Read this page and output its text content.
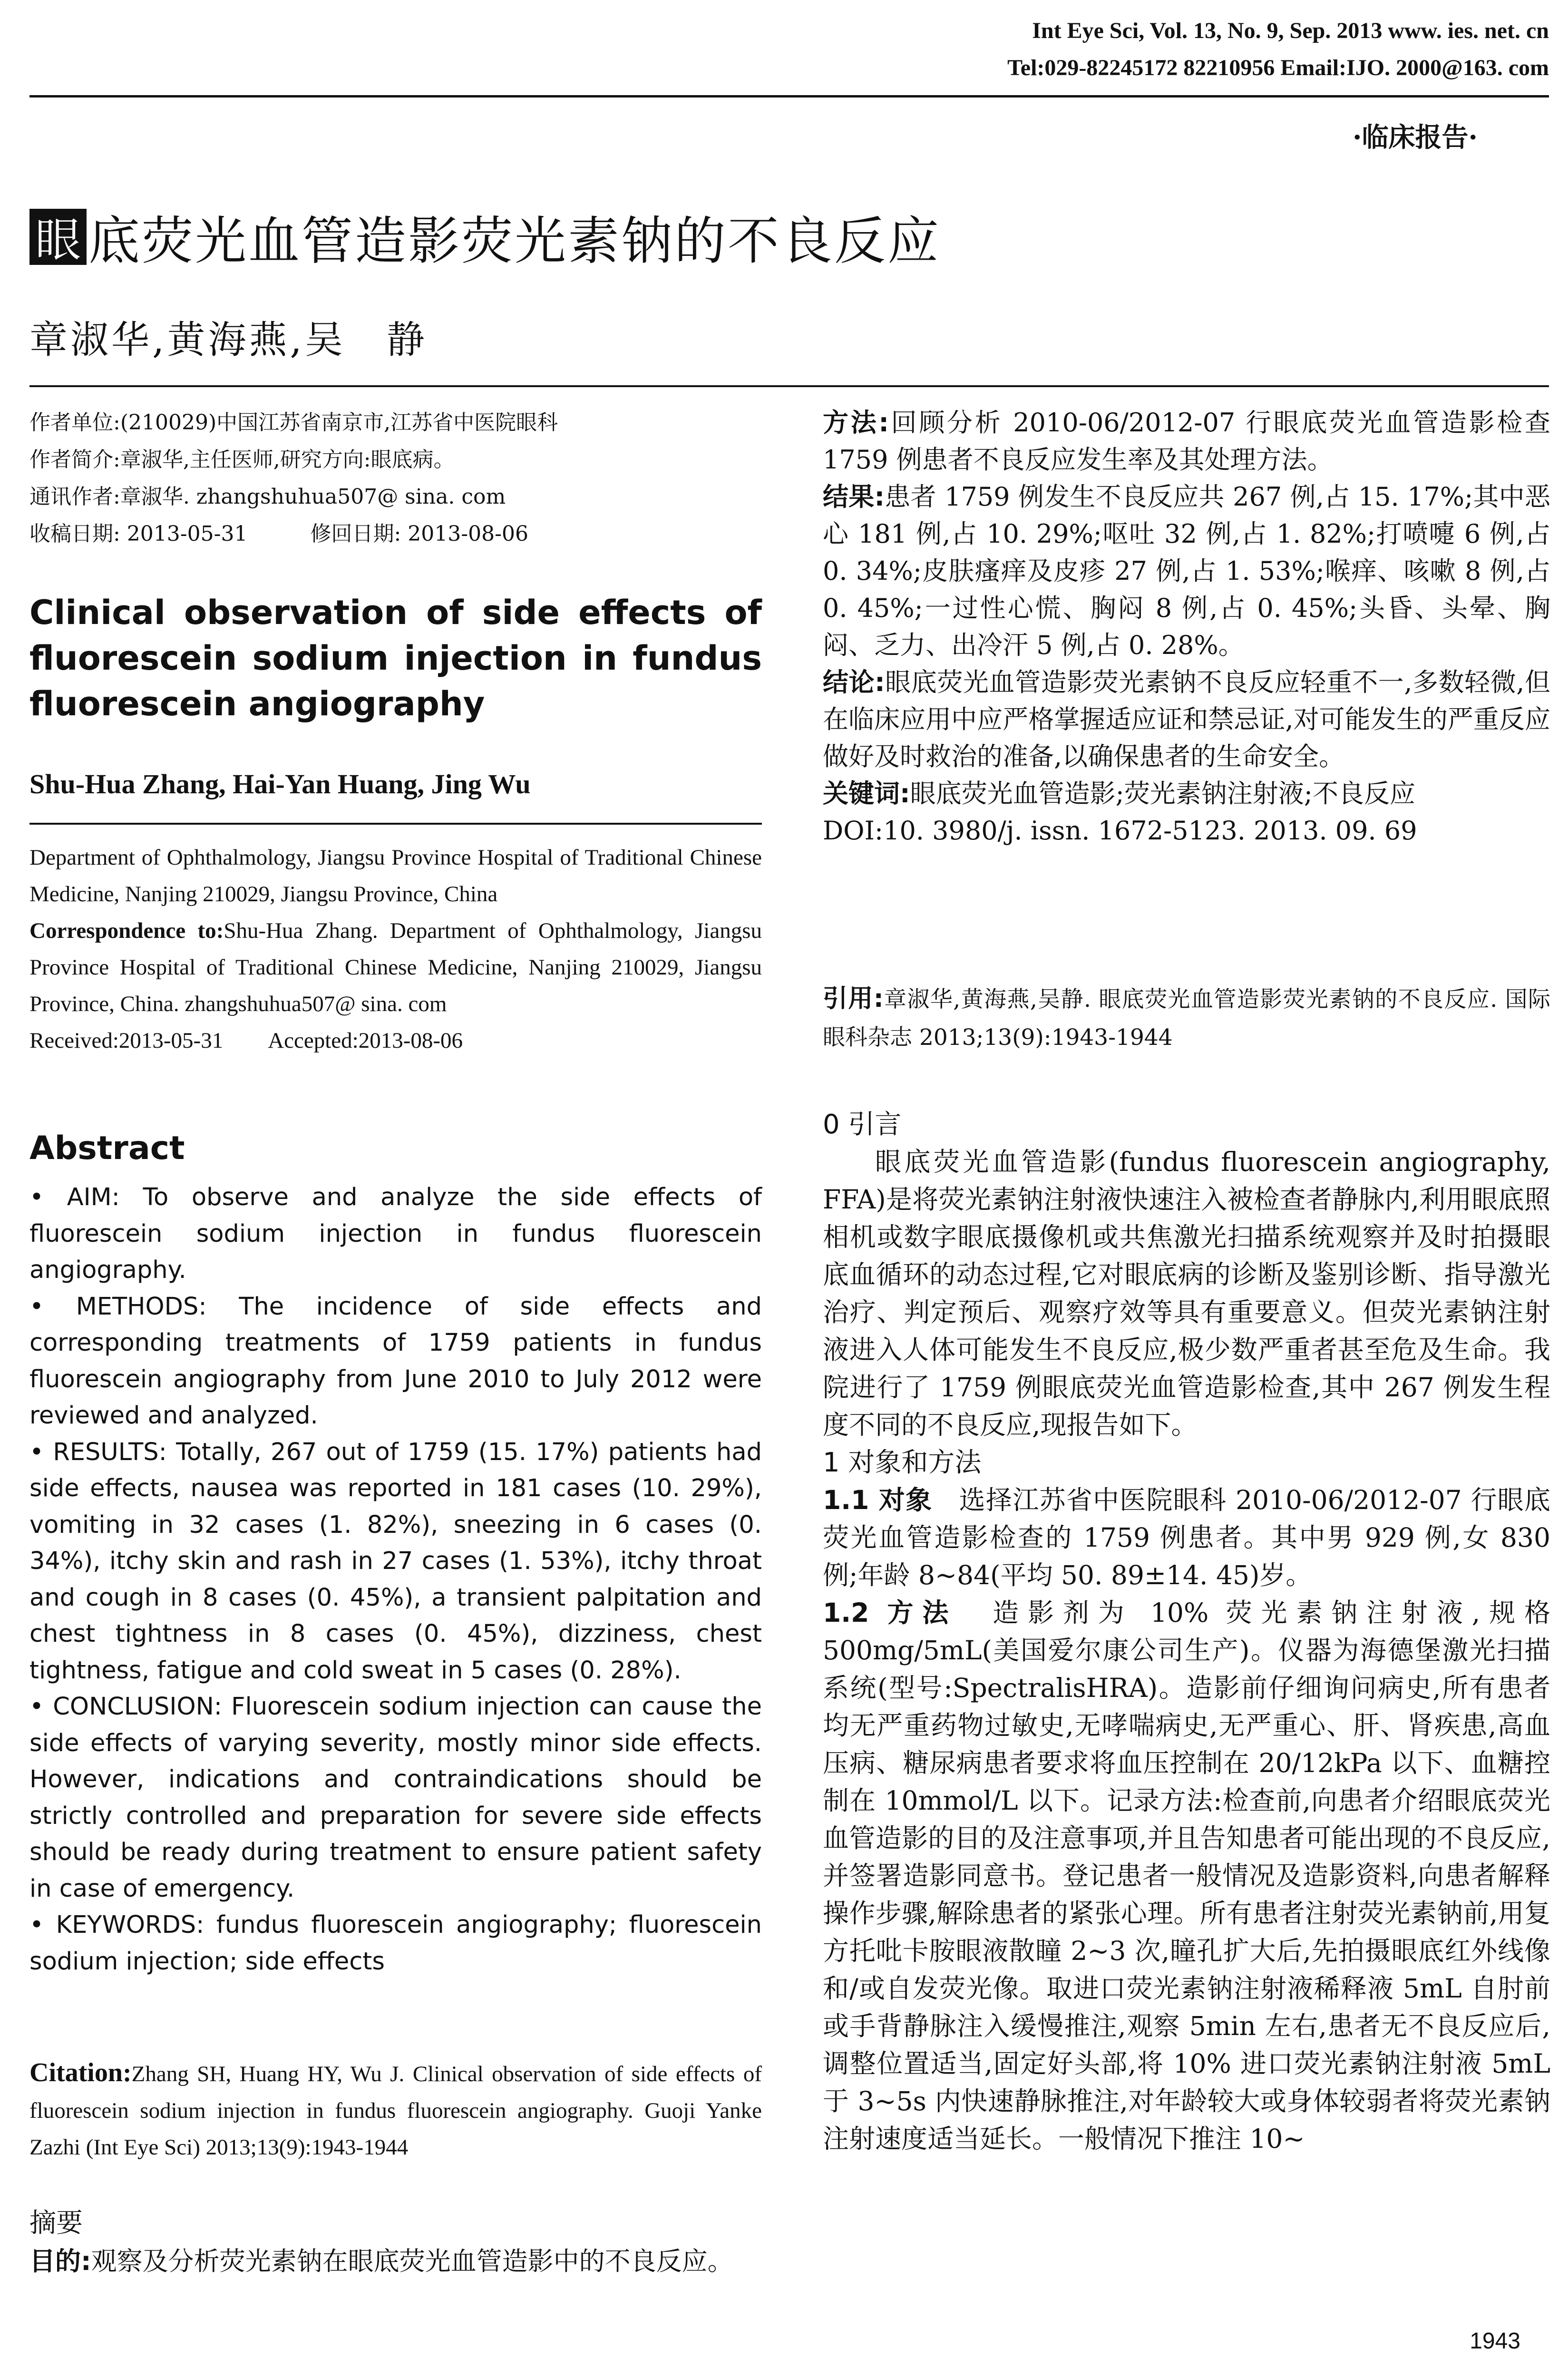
Int Eye Sci, Vol. 13, No. 9, Sep. 2013 www. ies. net. cn
Tel:029-82245172 82210956 Email:IJO. 2000@163. com
·临床报告·
眼 底荧光血管造影荧光素钠的不良反应
章淑华,黄海燕,吴　静
作者单位:(210029)中国江苏省南京市,江苏省中医院眼科
作者简介:章淑华,主任医师,研究方向:眼底病。
通讯作者:章淑华. zhangshuhua507@ sina. com
收稿日期: 2013-05-31　　　修回日期: 2013-08-06
Clinical observation of side effects of fluorescein sodium injection in fundus fluorescein angiography
Shu-Hua Zhang, Hai-Yan Huang, Jing Wu
Department of Ophthalmology, Jiangsu Province Hospital of Traditional Chinese Medicine, Nanjing 210029, Jiangsu Province, China
Correspondence to:Shu-Hua Zhang. Department of Ophthalmology, Jiangsu Province Hospital of Traditional Chinese Medicine, Nanjing 210029, Jiangsu Province, China. zhangshuhua507@ sina. com
Received:2013-05-31　　Accepted:2013-08-06
Abstract

• AIM: To observe and analyze the side effects of fluorescein sodium injection in fundus fluorescein angiography.

• METHODS: The incidence of side effects and corresponding treatments of 1759 patients in fundus fluorescein angiography from June 2010 to July 2012 were reviewed and analyzed.

• RESULTS: Totally, 267 out of 1759 (15. 17%) patients had side effects, nausea was reported in 181 cases (10. 29%), vomiting in 32 cases (1. 82%), sneezing in 6 cases (0. 34%), itchy skin and rash in 27 cases (1. 53%), itchy throat and cough in 8 cases (0. 45%), a transient palpitation and chest tightness in 8 cases (0. 45%), dizziness, chest tightness, fatigue and cold sweat in 5 cases (0. 28%).

• CONCLUSION: Fluorescein sodium injection can cause the side effects of varying severity, mostly minor side effects. However, indications and contraindications should be strictly controlled and preparation for severe side effects should be ready during treatment to ensure patient safety in case of emergency.

• KEYWORDS: fundus fluorescein angiography; fluorescein sodium injection; side effects

Citation:Zhang SH, Huang HY, Wu J. Clinical observation of side effects of fluorescein sodium injection in fundus fluorescein angiography. Guoji Yanke Zazhi (Int Eye Sci) 2013;13(9):1943-1944
摘要
目的:观察及分析荧光素钠在眼底荧光血管造影中的不良反应。

方法:回顾分析 2010-06/2012-07 行眼底荧光血管造影检查 1759 例患者不良反应发生率及其处理方法。

结果:患者 1759 例发生不良反应共 267 例,占 15. 17%;其中恶心 181 例,占 10. 29%;呕吐 32 例,占 1. 82%;打喷嚏 6 例,占 0. 34%;皮肤瘙痒及皮疹 27 例,占 1. 53%;喉痒、咳嗽 8 例,占 0. 45%;一过性心慌、胸闷 8 例,占 0. 45%;头昏、头晕、胸闷、乏力、出冷汗 5 例,占 0. 28%。

结论:眼底荧光血管造影荧光素钠不良反应轻重不一,多数轻微,但在临床应用中应严格掌握适应证和禁忌证,对可能发生的严重反应做好及时救治的准备,以确保患者的生命安全。

关键词:眼底荧光血管造影;荧光素钠注射液;不良反应

DOI:10. 3980/j. issn. 1672-5123. 2013. 09. 69

引用:章淑华,黄海燕,吴静. 眼底荧光血管造影荧光素钠的不良反应. 国际眼科杂志 2013;13(9):1943-1944

0 引言

眼底荧光血管造影(fundus fluorescein angiography, FFA)是将荧光素钠注射液快速注入被检查者静脉内,利用眼底照相机或数字眼底摄像机或共焦激光扫描系统观察并及时拍摄眼底血循环的动态过程,它对眼底病的诊断及鉴别诊断、指导激光治疗、判定预后、观察疗效等具有重要意义。但荧光素钠注射液进入人体可能发生不良反应,极少数严重者甚至危及生命。我院进行了 1759 例眼底荧光血管造影检查,其中 267 例发生程度不同的不良反应,现报告如下。

1 对象和方法

1.1 对象　选择江苏省中医院眼科 2010-06/2012-07 行眼底荧光血管造影检查的 1759 例患者。其中男 929 例,女 830 例;年龄 8~84(平均 50. 89±14. 45)岁。

1.2 方法　造影剂为 10% 荧光素钠注射液,规格 500mg/5mL(美国爱尔康公司生产)。仪器为海德堡激光扫描系统(型号:SpectralisHRA)。造影前仔细询问病史,所有患者均无严重药物过敏史,无哮喘病史,无严重心、肝、肾疾患,高血压病、糖尿病患者要求将血压控制在 20/12kPa 以下、血糖控制在 10mmol/L 以下。记录方法:检查前,向患者介绍眼底荧光血管造影的目的及注意事项,并且告知患者可能出现的不良反应,并签署造影同意书。登记患者一般情况及造影资料,向患者解释操作步骤,解除患者的紧张心理。所有患者注射荧光素钠前,用复方托吡卡胺眼液散瞳 2~3 次,瞳孔扩大后,先拍摄眼底红外线像和/或自发荧光像。取进口荧光素钠注射液稀释液 5mL 自肘前或手背静脉注入缓慢推注,观察 5min 左右,患者无不良反应后,调整位置适当,固定好头部,将 10% 进口荧光素钠注射液 5mL 于 3~5s 内快速静脉推注,对年龄较大或身体较弱者将荧光素钠注射速度适当延长。一般情况下推注 10~

1943
